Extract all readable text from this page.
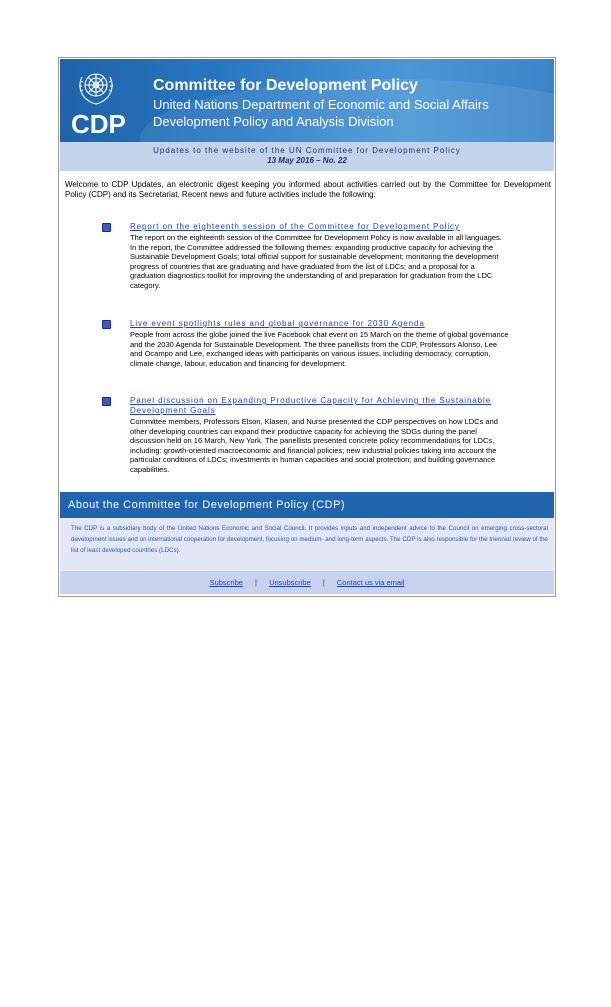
CDP
Committee for Development Policy
United Nations Department of Economic and Social Affairs
Development Policy and Analysis Division
Updates to the website of the UN Committee for Development Policy
13 May 2016 – No. 22
Welcome to CDP Updates, an electronic digest keeping you informed about activities carried out by the Committee for Development Policy (CDP) and its Secretariat. Recent news and future activities include the following:
Report on the eighteenth session of the Committee for Development Policy
The report on the eighteenth session of the Committee for Development Policy is now available in all languages. In the report, the Committee addressed the following themes: expanding productive capacity for achieving the Sustainable Development Goals; total official support for sustainable development; monitoring the development progress of countries that are graduating and have graduated from the list of LDCs; and a proposal for a graduation diagnostics toolkit for improving the understanding of and preparation for graduation from the LDC category.
Live event spotlights rules and global governance for 2030 Agenda
People from across the globe joined the live Facebook chat event on 15 March on the theme of global governance and the 2030 Agenda for Sustainable Development. The three panellists from the CDP, Professors Alonso, Lee and Ocampo and Lee, exchanged ideas with participants on various issues, including democracy, corruption, climate change, labour, education and financing for development.
Panel discussion on Expanding Productive Capacity for Achieving the Sustainable Development Goals
Committee members, Professors Elson, Klasen, and Nurse presented the CDP perspectives on how LDCs and other developing countries can expand their productive capacity for achieving the SDGs during the panel discussion held on 16 March, New York. The panellists presented concrete policy recommendations for LDCs, including: growth-oriented macroeconomic and financial policies; new industrial policies taking into account the particular conditions of LDCs; investments in human capacities and social protection; and building governance capabilities.
About the Committee for Development Policy (CDP)
The CDP is a subsidiary body of the United Nations Economic and Social Council. It provides inputs and independent advice to the Council on emerging cross-sectoral development issues and on international cooperation for development, focusing on medium- and long-term aspects. The CDP is also responsible for the triennial review of the list of least developed countries (LDCs).
Subscribe | Unsubscribe | Contact us via email
